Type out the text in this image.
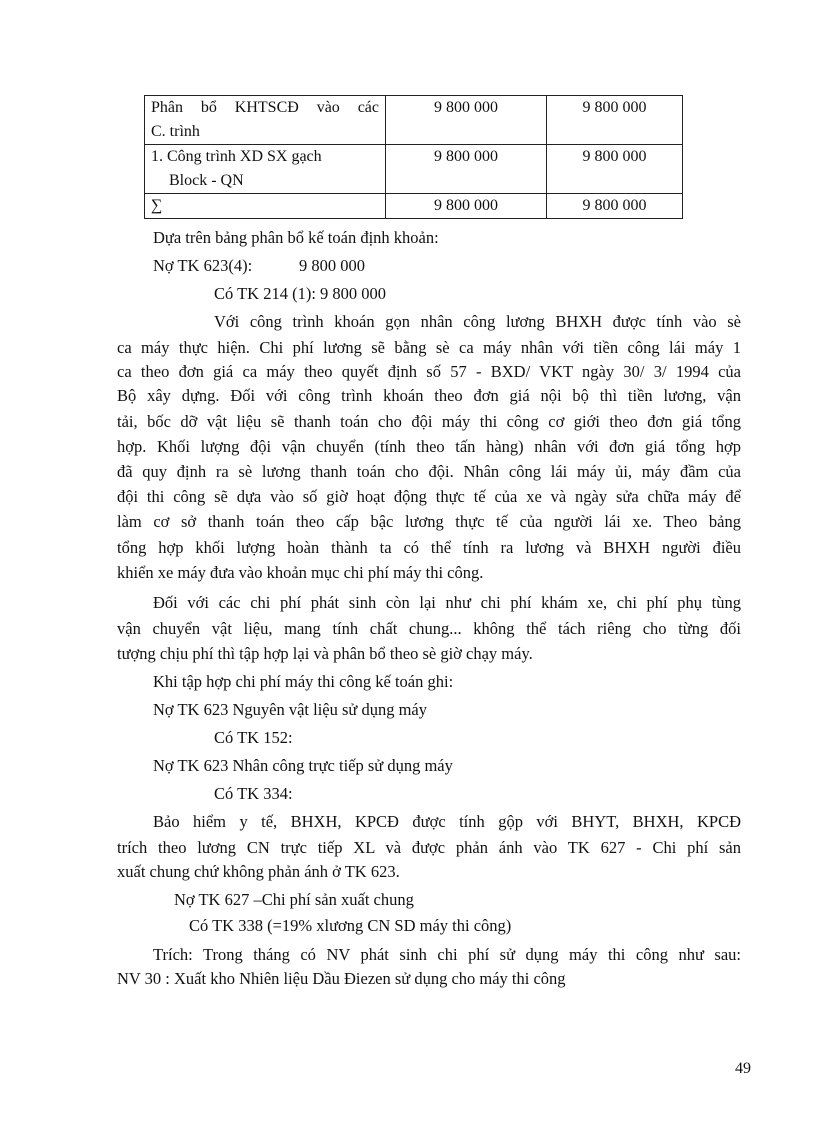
Phân bổ KHTSCĐ vào các
C. trình	9 800 000	9 800 000
1. Công trình XD SX gạch
Block - QN	9 800 000	9 800 000
∑	9 800 000	9 800 000
Dựa trên bảng phân bổ kế toán định khoản:
Nợ TK 623(4):	9 800 000
Có TK 214 (1): 9 800 000
Với công trình khoán gọn nhân công lương BHXH được tính vào sè
ca máy thực hiện. Chi phí lương sẽ bằng sè ca máy nhân với tiền công lái máy 1
ca theo đơn giá ca máy theo quyết định số 57 - BXD/ VKT ngày 30/ 3/ 1994 của
Bộ xây dựng. Đối với công trình khoán theo đơn giá nội bộ thì tiền lương, vận
tải, bốc dỡ vật liệu sẽ thanh toán cho đội máy thi công cơ giới theo đơn giá tổng
hợp. Khối lượng đội vận chuyển (tính theo tấn hàng) nhân với đơn giá tổng hợp
đã quy định ra sè lương thanh toán cho đội. Nhân công lái máy ủi, máy đầm của
đội thi công sẽ dựa vào số giờ hoạt động thực tế của xe và ngày sửa chữa máy để
làm cơ sở thanh toán theo cấp bậc lương thực tế của người lái xe. Theo bảng
tổng hợp khối lượng hoàn thành ta có thể tính ra lương và BHXH người điều
khiển xe máy đưa vào khoản mục chi phí máy thi công.
Đối với các chi phí phát sinh còn lại như chi phí khám xe, chi phí phụ tùng
vận chuyển vật liệu, mang tính chất chung... không thể tách riêng cho từng đối
tượng chịu phí thì tập hợp lại và phân bổ theo sè giờ chạy máy.
Khi tập hợp chi phí máy thi công kế toán ghi:
Nợ TK 623 Nguyên vật liệu sử dụng máy
Có TK 152:
Nợ TK 623 Nhân công trực tiếp sử dụng máy
Có TK 334:
Bảo hiểm y tế, BHXH, KPCĐ được tính gộp với BHYT, BHXH, KPCĐ
trích theo lương CN trực tiếp XL và được phản ánh vào TK 627 - Chi phí sản
xuất chung chứ không phản ánh ở TK 623.
Nợ TK 627 –Chi phí sản xuất chung
Có TK 338 (=19% xlương CN SD máy thi công)
Trích: Trong tháng có NV phát sinh chi phí sử dụng máy thi công như sau:
NV 30 : Xuất kho Nhiên liệu Dầu Điezen sử dụng cho máy thi công
49
